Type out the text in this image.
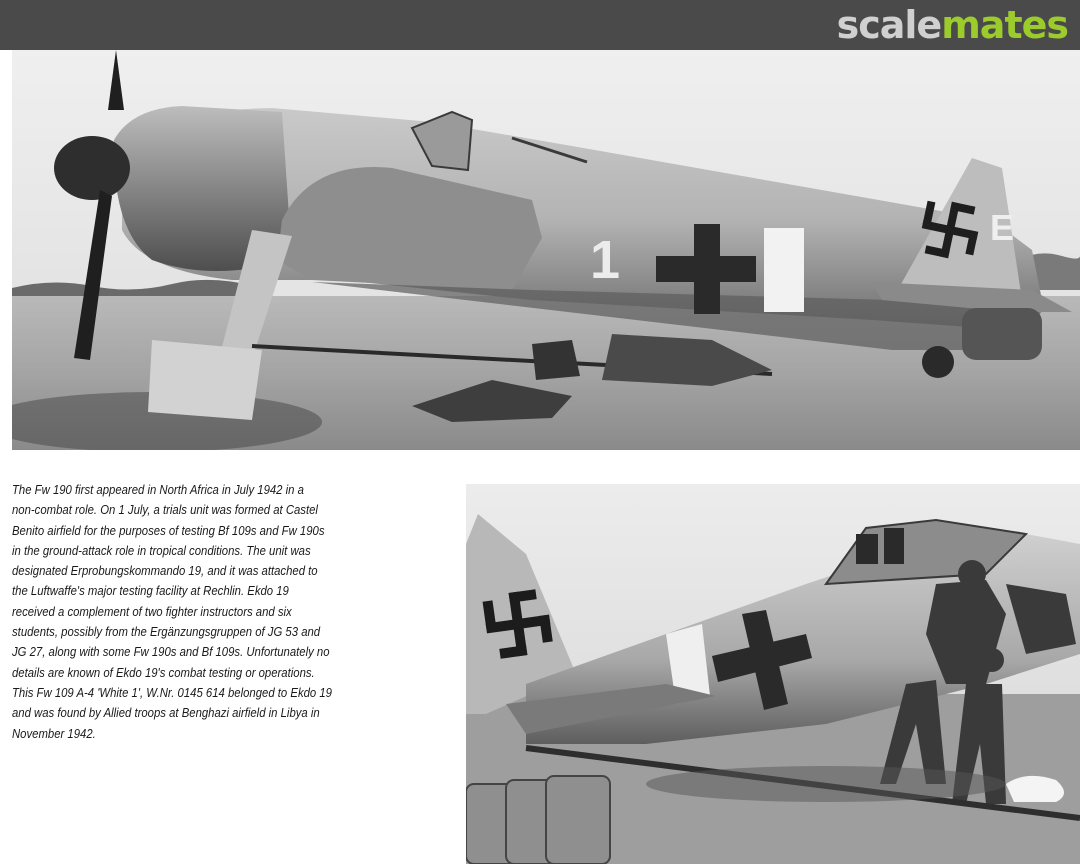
scalemates
1
E
The Fw 190 first appeared in North Africa in July 1942 in a
non-combat role. On 1 July, a trials unit was formed at Castel
Benito airfield for the purposes of testing Bf 109s and Fw 190s
in the ground-attack role in tropical conditions. The unit was
designated Erprobungskommando 19, and it was attached to
the Luftwaffe's major testing facility at Rechlin. Ekdo 19
received a complement of two fighter instructors and six
students, possibly from the Ergänzungsgruppen of JG 53 and
JG 27, along with some Fw 190s and Bf 109s. Unfortunately no
details are known of Ekdo 19's combat testing or operations.
This Fw 109 A-4 'White 1', W.Nr. 0145 614 belonged to Ekdo 19
and was found by Allied troops at Benghazi airfield in Libya in
November 1942.
